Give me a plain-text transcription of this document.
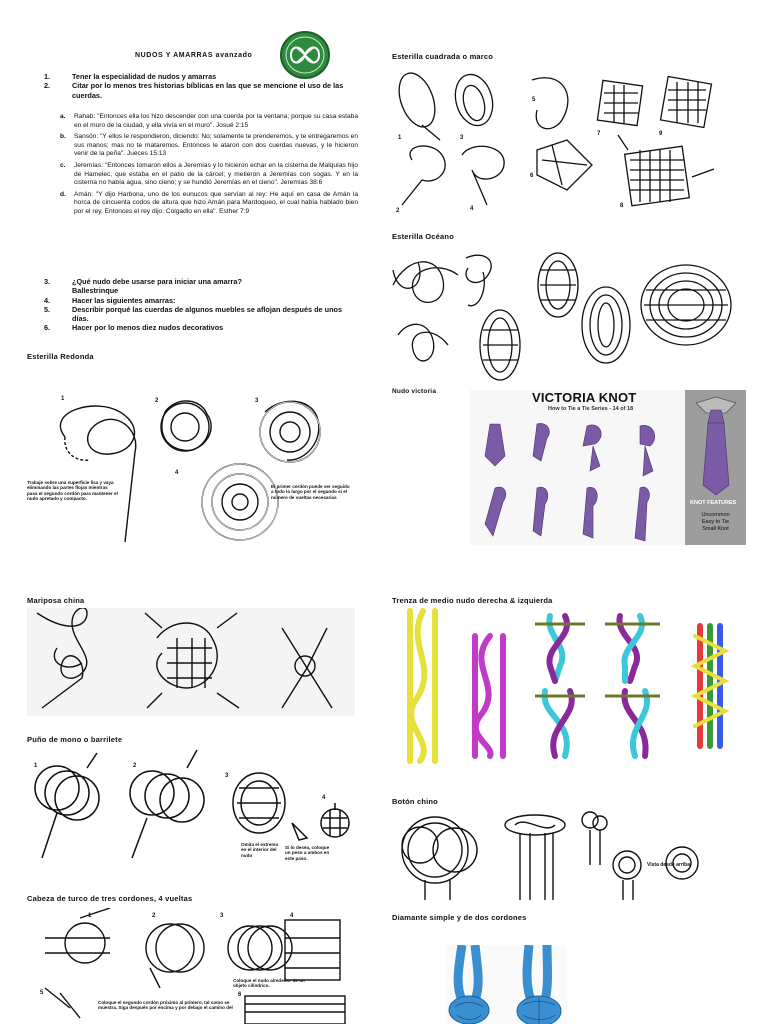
NUDOS Y AMARRAS avanzado
1.	Tener la especialidad de nudos y amarras
2.	Citar por lo menos tres historias bíblicas en las que se mencione el uso de las cuerdas.
a.	Rahab: "Entonces ella los hizo descender con una cuerda por la ventana; porque su casa estaba en el muro de la ciudad, y ella vivía en el muro". Josué 2:15
b.	Sansón: "Y ellos le respondieron, diciendo: No; solamente te prenderemos, y te entregaremos en sus manos; mas no te mataremos. Entonces le ataron con dos cuerdas nuevas, y le hicieron venir de la peña". Jueces 15:13
c.	Jeremías: "Entonces tomaron ellos a Jeremías y lo hicieron echar en la cisterna de Malquías hijo de Hamelec, que estaba en el patio de la cárcel; y metieron a Jeremías con sogas. Y en la cisterna no había agua, sino cieno; y se hundió Jeremías en el cieno". Jeremías 38:6
d.	Amán: "Y dijo Harbona, uno de los eunucos que servían al rey: He aquí en casa de Amán la horca de cincuenta codos de altura que hizo Amán para Mardoqueo, el cual había hablado bien por el rey. Entonces el rey dijo: Colgadlo en ella". Esther 7:9
3.	¿Qué nudo debe usarse para iniciar una amarra?
Ballestrinque
4.	Hacer las siguientes amarras:
5.	Describir porqué las cuerdas de algunos muebles se aflojan después de unos días.
6.	Hacer por lo menos diez nudos decorativos
Esterilla Redonda
1	2	3
4
Trabaje sobre una superficie lisa y vaya eliminando las partes flojas mientras pasa el segundo cordón para mantener el nudo apretado y compacto.
El primer cordón puede ser seguido a todo lo largo por el segundo si el número de vueltas necesarias
Esterilla cuadrada o marco
1
2
3
4
5
6
7
8
9
Esterilla Océano
Nudo victoria	VICTORIA KNOT
How to Tie a Tie Series - 14 of 18
KNOT FEATURES
Uncommon
Easy to Tie
Small Knot
Mariposa china	Trenza de medio nudo derecha & izquierda
Puño de mono o barrilete
1	2
3
4
Omita el extremo en el interior del nudo
Si lo desea, coloque un peso a ambos en este paso.
Botón chino
Vista desde arriba
Cabeza de turco de tres cordones, 4 vueltas
1	2	3	4
5	6
Coloque el nudo alrededor de un objeto cilíndrico.
Coloque el segundo cordón próximo al primero, tal como se muestra. Siga después por encima y por debajo el camino del
Diamante simple y de dos cordones
